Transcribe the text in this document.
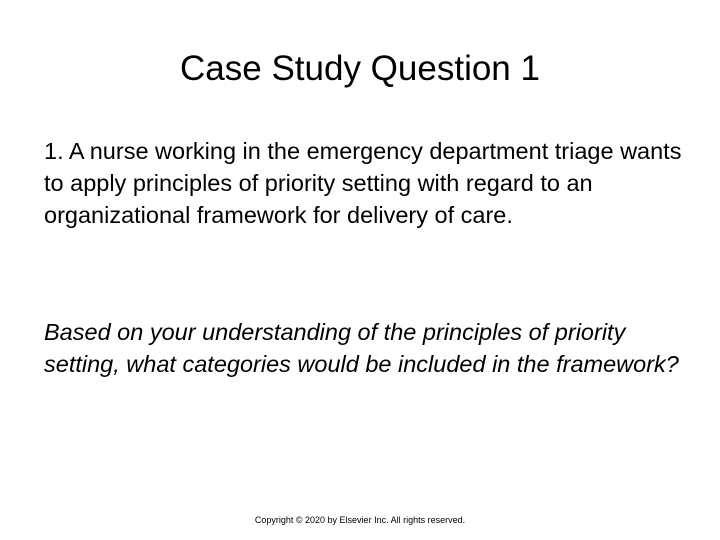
Case Study Question 1

1. A nurse working in the emergency department triage wants to apply principles of priority setting with regard to an organizational framework for delivery of care.

Based on your understanding of the principles of priority setting, what categories would be included in the framework?

Copyright © 2020 by Elsevier Inc. All rights reserved.
